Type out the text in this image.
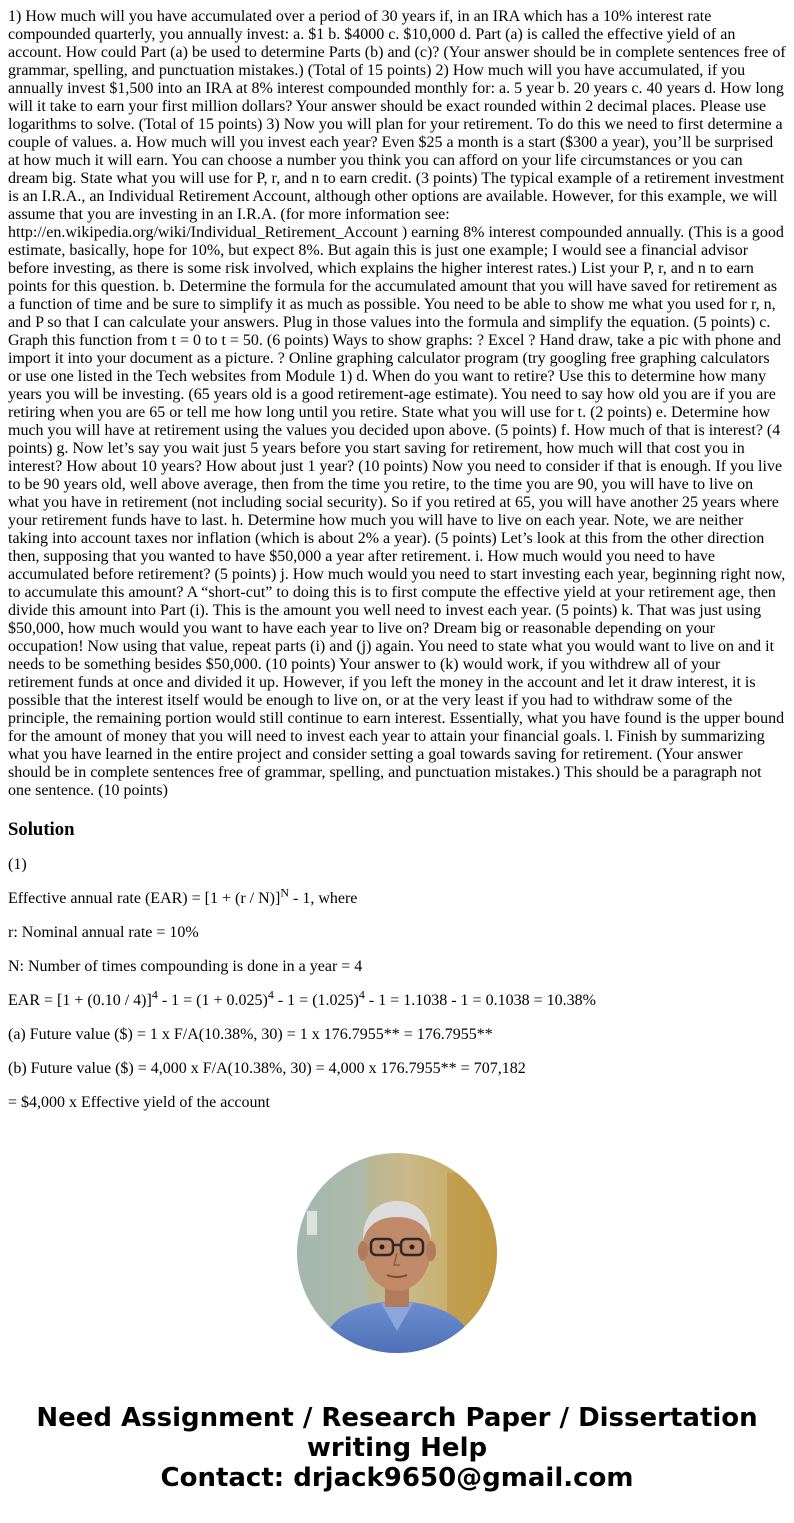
1) How much will you have accumulated over a period of 30 years if, in an IRA which has a 10% interest rate compounded quarterly, you annually invest: a. $1 b. $4000 c. $10,000 d. Part (a) is called the effective yield of an account. How could Part (a) be used to determine Parts (b) and (c)? (Your answer should be in complete sentences free of grammar, spelling, and punctuation mistakes.) (Total of 15 points) 2) How much will you have accumulated, if you annually invest $1,500 into an IRA at 8% interest compounded monthly for: a. 5 year b. 20 years c. 40 years d. How long will it take to earn your first million dollars? Your answer should be exact rounded within 2 decimal places. Please use logarithms to solve. (Total of 15 points) 3) Now you will plan for your retirement. To do this we need to first determine a couple of values. a. How much will you invest each year? Even $25 a month is a start ($300 a year), you’ll be surprised at how much it will earn. You can choose a number you think you can afford on your life circumstances or you can dream big. State what you will use for P, r, and n to earn credit. (3 points) The typical example of a retirement investment is an I.R.A., an Individual Retirement Account, although other options are available. However, for this example, we will assume that you are investing in an I.R.A. (for more information see: http://en.wikipedia.org/wiki/Individual_Retirement_Account ) earning 8% interest compounded annually. (This is a good estimate, basically, hope for 10%, but expect 8%. But again this is just one example; I would see a financial advisor before investing, as there is some risk involved, which explains the higher interest rates.) List your P, r, and n to earn points for this question. b. Determine the formula for the accumulated amount that you will have saved for retirement as a function of time and be sure to simplify it as much as possible. You need to be able to show me what you used for r, n, and P so that I can calculate your answers. Plug in those values into the formula and simplify the equation. (5 points) c. Graph this function from t = 0 to t = 50. (6 points) Ways to show graphs: ? Excel ? Hand draw, take a pic with phone and import it into your document as a picture. ? Online graphing calculator program (try googling free graphing calculators or use one listed in the Tech websites from Module 1) d. When do you want to retire? Use this to determine how many years you will be investing. (65 years old is a good retirement-age estimate). You need to say how old you are if you are retiring when you are 65 or tell me how long until you retire. State what you will use for t. (2 points) e. Determine how much you will have at retirement using the values you decided upon above. (5 points) f. How much of that is interest? (4 points) g. Now let’s say you wait just 5 years before you start saving for retirement, how much will that cost you in interest? How about 10 years? How about just 1 year? (10 points) Now you need to consider if that is enough. If you live to be 90 years old, well above average, then from the time you retire, to the time you are 90, you will have to live on what you have in retirement (not including social security). So if you retired at 65, you will have another 25 years where your retirement funds have to last. h. Determine how much you will have to live on each year. Note, we are neither taking into account taxes nor inflation (which is about 2% a year). (5 points) Let’s look at this from the other direction then, supposing that you wanted to have $50,000 a year after retirement. i. How much would you need to have accumulated before retirement? (5 points) j. How much would you need to start investing each year, beginning right now, to accumulate this amount? A “short-cut” to doing this is to first compute the effective yield at your retirement age, then divide this amount into Part (i). This is the amount you well need to invest each year. (5 points) k. That was just using $50,000, how much would you want to have each year to live on? Dream big or reasonable depending on your occupation! Now using that value, repeat parts (i) and (j) again. You need to state what you would want to live on and it needs to be something besides $50,000. (10 points) Your answer to (k) would work, if you withdrew all of your retirement funds at once and divided it up. However, if you left the money in the account and let it draw interest, it is possible that the interest itself would be enough to live on, or at the very least if you had to withdraw some of the principle, the remaining portion would still continue to earn interest. Essentially, what you have found is the upper bound for the amount of money that you will need to invest each year to attain your financial goals. l. Finish by summarizing what you have learned in the entire project and consider setting a goal towards saving for retirement. (Your answer should be in complete sentences free of grammar, spelling, and punctuation mistakes.) This should be a paragraph not one sentence. (10 points)

Solution

(1)

Effective annual rate $(EAR) = [1 + (r / N)]^N - 1$, where

r: Nominal annual rate = 10%

N: Number of times compounding is done in a year = 4

EAR = $[1 + (0.10 / 4)]^4 - 1 = (1 + 0.025)^4 - 1 = (1.025)^4 - 1 = 1.1038 - 1 = 0.1038 = 10.38\%$

(a) Future value ($) = 1 x F/A(10.38%, 30) = 1 x 176.7955** = 176.7955**

(b) Future value ($) = 4,000 x F/A(10.38%, 30) = 4,000 x 176.7955** = 707,182

= $4,000 x Effective yield of the account

Need Assignment / Research Paper / Dissertation
writing Help
Contact: drjack9650@gmail.com
